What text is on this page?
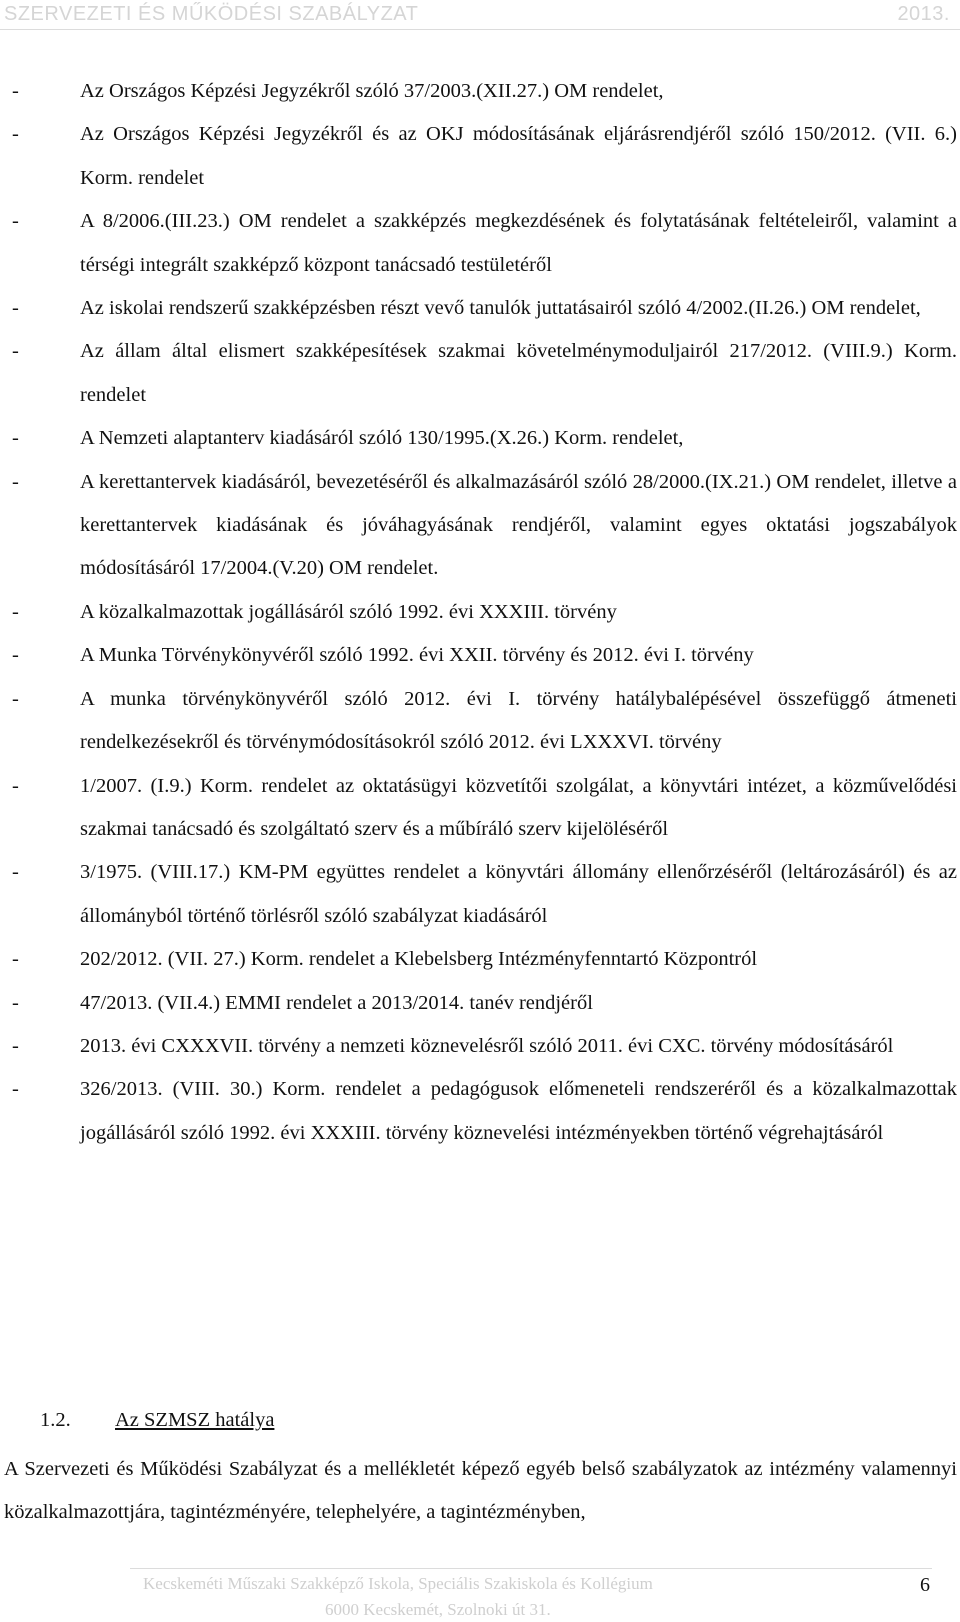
SZERVEZETI ÉS MŰKÖDÉSI SZABÁLYZAT	2013.
-	Az Országos Képzési Jegyzékről szóló 37/2003.(XII.27.) OM rendelet,
-	Az Országos Képzési Jegyzékről és az OKJ módosításának eljárásrendjéről szóló 150/2012. (VII. 6.) Korm. rendelet
-	A 8/2006.(III.23.) OM rendelet a szakképzés megkezdésének és folytatásának feltételeiről, valamint a térségi integrált szakképző központ tanácsadó testületéről
-	Az iskolai rendszerű szakképzésben részt vevő tanulók juttatásairól szóló 4/2002.(II.26.) OM rendelet,
-	Az állam által elismert szakképesítések szakmai követelménymoduljairól 217/2012. (VIII.9.) Korm. rendelet
-	A Nemzeti alaptanterv kiadásáról szóló 130/1995.(X.26.) Korm. rendelet,
-	A kerettantervek kiadásáról, bevezetéséről és alkalmazásáról szóló 28/2000.(IX.21.) OM rendelet, illetve a kerettantervek kiadásának és jóváhagyásának rendjéről, valamint egyes oktatási jogszabályok módosításáról 17/2004.(V.20) OM rendelet.
-	A közalkalmazottak jogállásáról szóló 1992. évi XXXIII. törvény
-	A Munka Törvénykönyvéről szóló 1992. évi XXII. törvény és 2012. évi I. törvény
-	A munka törvénykönyvéről szóló 2012. évi I. törvény hatálybalépésével összefüggő átmeneti rendelkezésekről és törvénymódosításokról szóló 2012. évi LXXXVI. törvény
-	1/2007. (I.9.) Korm. rendelet az oktatásügyi közvetítői szolgálat, a könyvtári intézet, a közművelődési szakmai tanácsadó és szolgáltató szerv és a műbíráló szerv kijelöléséről
-	3/1975. (VIII.17.) KM-PM együttes rendelet a könyvtári állomány ellenőrzéséről (leltározásáról) és az állományból történő törlésről szóló szabályzat kiadásáról
-	202/2012. (VII. 27.) Korm. rendelet a Klebelsberg Intézményfenntartó Központról
-	47/2013. (VII.4.) EMMI rendelet a 2013/2014. tanév rendjéről
-	2013. évi CXXXVII. törvény a nemzeti köznevelésről szóló 2011. évi CXC. törvény módosításáról
-	326/2013. (VIII. 30.) Korm. rendelet a pedagógusok előmeneteli rendszeréről és a közalkalmazottak jogállásáról szóló 1992. évi XXXIII. törvény köznevelési intézményekben történő végrehajtásáról
1.2. Az SZMSZ hatálya
A Szervezeti és Működési Szabályzat és a mellékletét képező egyéb belső szabályzatok az intézmény valamennyi közalkalmazottjára, tagintézményére, telephelyére, a tagintézményben,
Kecskeméti Műszaki Szakképző Iskola, Speciális Szakiskola és Kollégium
6000 Kecskemét, Szolnoki út 31.
6
